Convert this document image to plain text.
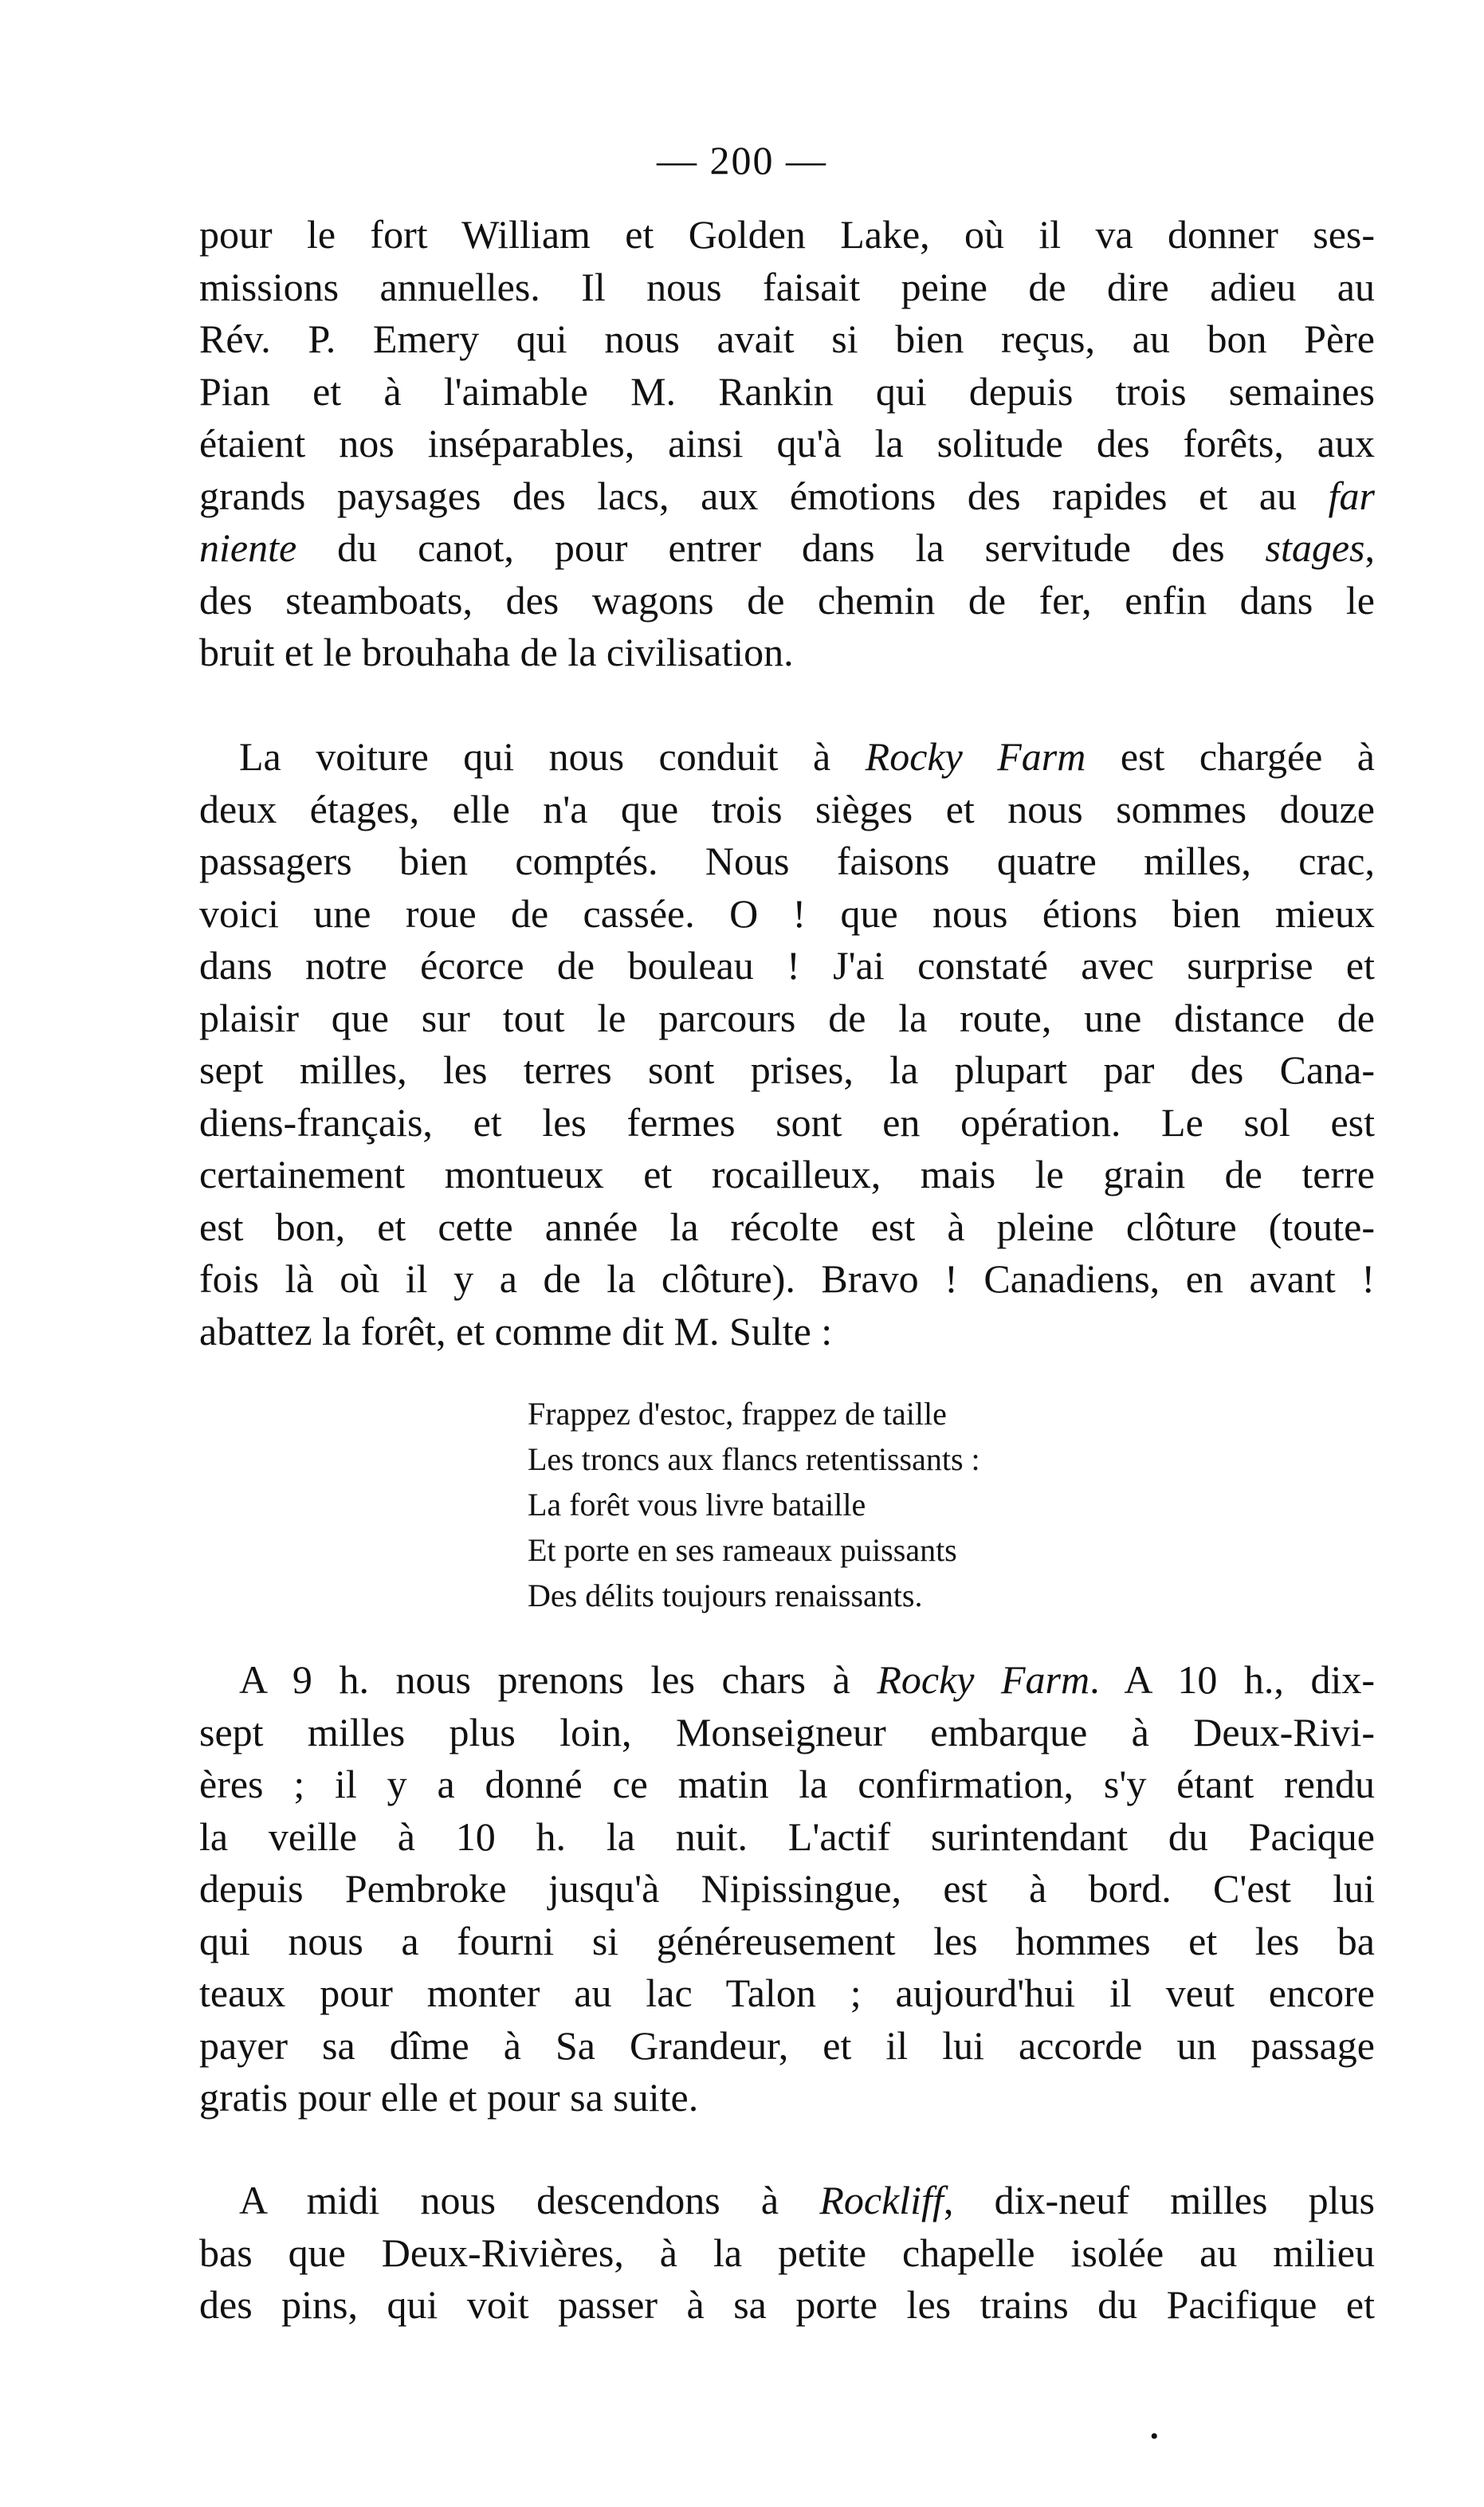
— 200 —
pour le fort William et Golden Lake, où il va donner ses-
missions annuelles. Il nous faisait peine de dire adieu au
Rév. P. Emery qui nous avait si bien reçus, au bon Père
Pian et à l'aimable M. Rankin qui depuis trois semaines
étaient nos inséparables, ainsi qu'à la solitude des forêts, aux
grands paysages des lacs, aux émotions des rapides et au far
niente du canot, pour entrer dans la servitude des stages,
des steamboats, des wagons de chemin de fer, enfin dans le
bruit et le brouhaha de la civilisation.
La voiture qui nous conduit à Rocky Farm est chargée à
deux étages, elle n'a que trois sièges et nous sommes douze
passagers bien comptés. Nous faisons quatre milles, crac,
voici une roue de cassée. O ! que nous étions bien mieux
dans notre écorce de bouleau ! J'ai constaté avec surprise et
plaisir que sur tout le parcours de la route, une distance de
sept milles, les terres sont prises, la plupart par des Cana-
diens-français, et les fermes sont en opération. Le sol est
certainement montueux et rocailleux, mais le grain de terre
est bon, et cette année la récolte est à pleine clôture (toute-
fois là où il y a de la clôture). Bravo ! Canadiens, en avant !
abattez la forêt, et comme dit M. Sulte :
Frappez d'estoc, frappez de taille
Les troncs aux flancs retentissants :
La forêt vous livre bataille
Et porte en ses rameaux puissants
Des délits toujours renaissants.
A 9 h. nous prenons les chars à Rocky Farm. A 10 h., dix-
sept milles plus loin, Monseigneur embarque à Deux-Rivi-
ères ; il y a donné ce matin la confirmation, s'y étant rendu
la veille à 10 h. la nuit. L'actif surintendant du Pacique
depuis Pembroke jusqu'à Nipissingue, est à bord. C'est lui
qui nous a fourni si généreusement les hommes et les ba
teaux pour monter au lac Talon ; aujourd'hui il veut encore
payer sa dîme à Sa Grandeur, et il lui accorde un passage
gratis pour elle et pour sa suite.
A midi nous descendons à Rockliff, dix-neuf milles plus
bas que Deux-Rivières, à la petite chapelle isolée au milieu
des pins, qui voit passer à sa porte les trains du Pacifique et
•
